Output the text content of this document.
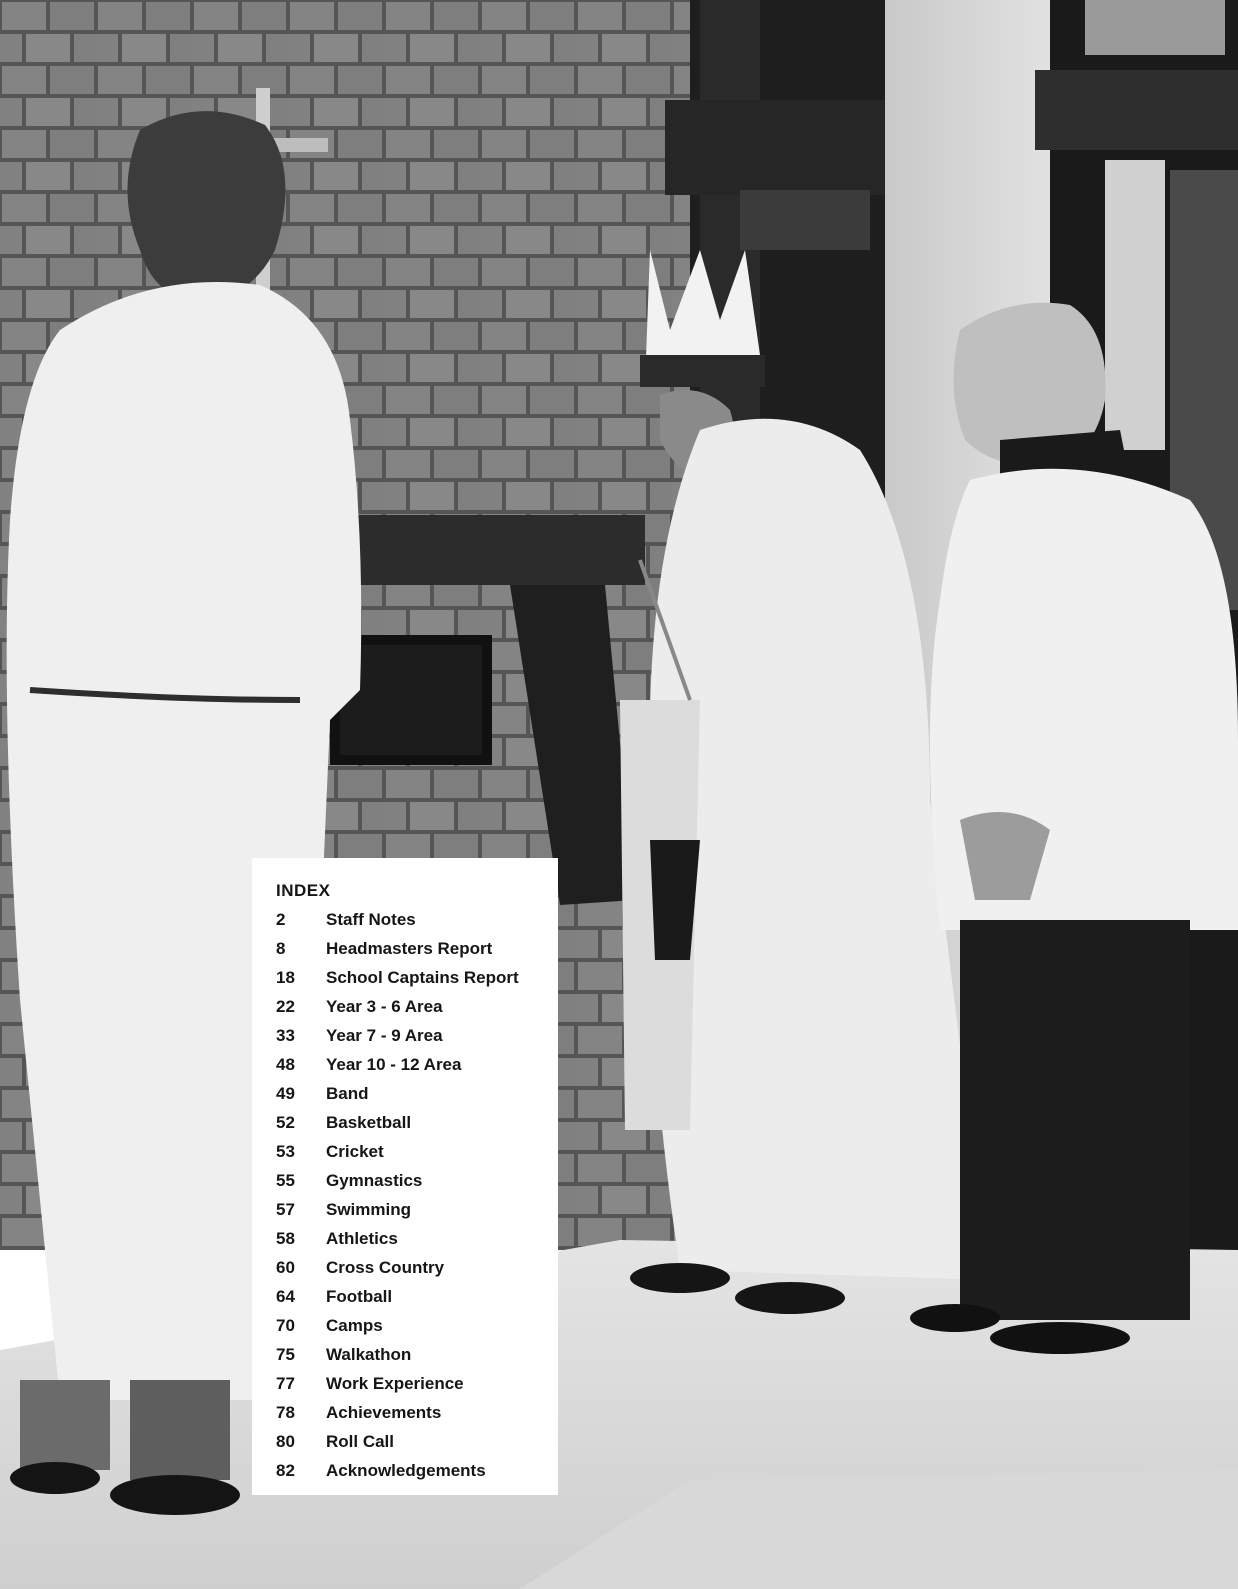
INDEX
2	Staff Notes
8	Headmasters Report
18	School Captains Report
22	Year 3 - 6 Area
33	Year 7 - 9 Area
48	Year 10 - 12 Area
49	Band
52	Basketball
53	Cricket
55	Gymnastics
57	Swimming
58	Athletics
60	Cross Country
64	Football
70	Camps
75	Walkathon
77	Work Experience
78	Achievements
80	Roll Call
82	Acknowledgements
